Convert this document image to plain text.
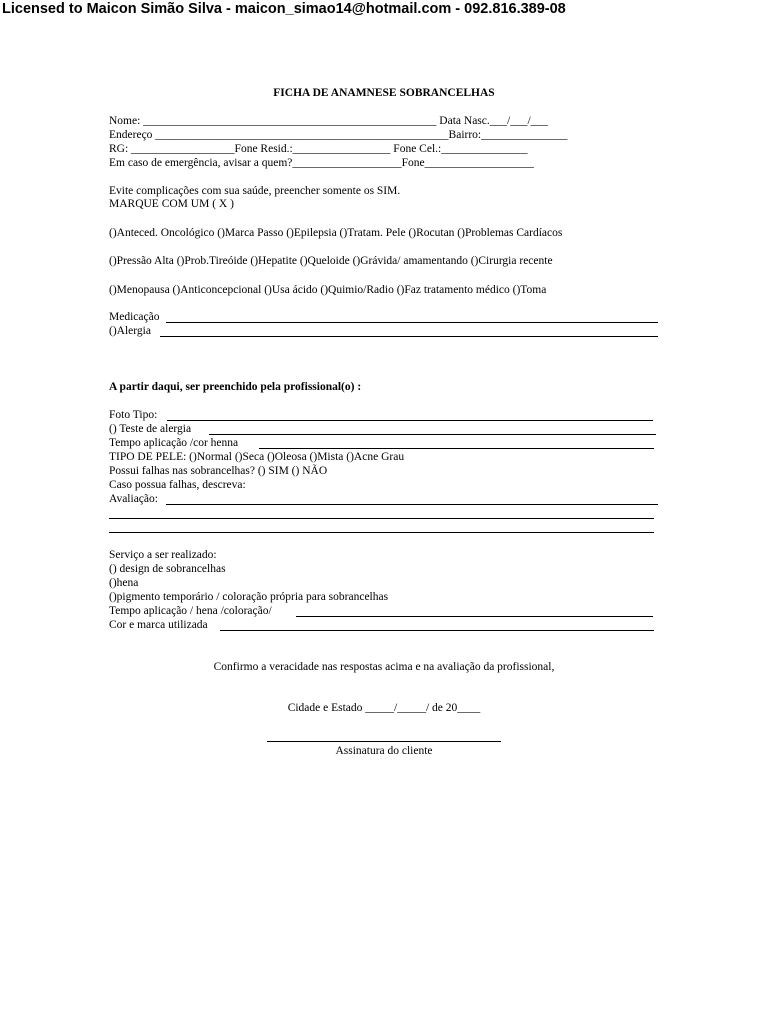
Licensed to Maicon Simão Silva - maicon_simao14@hotmail.com - 092.816.389-08
FICHA DE ANAMNESE SOBRANCELHAS
Nome: ___________________________________________________ Data Nasc.___/___/___
Endereço ___________________________________________________Bairro:_______________
RG: __________________Fone Resid.:_________________ Fone Cel.:_______________
Em caso de emergência, avisar a quem?___________________Fone___________________
Evite complicações com sua saúde, preencher somente os SIM.
MARQUE COM UM ( X )
()Anteced. Oncológico ()Marca Passo ()Epilepsia ()Tratam. Pele ()Rocutan ()Problemas Cardíacos
()Pressão Alta ()Prob.Tireóide ()Hepatite ()Queloide ()Grávida/ amamentando ()Cirurgia recente
()Menopausa ()Anticoncepcional ()Usa ácido ()Quimio/Radio ()Faz tratamento médico ()Toma
Medicação
()Alergia
A partir daqui, ser preenchido pela profissional(o) :
Foto Tipo:
() Teste de alergia
Tempo aplicação /cor henna
TIPO DE PELE: ()Normal ()Seca ()Oleosa ()Mista ()Acne Grau
Possui falhas nas sobrancelhas? () SIM () NÃO
Caso possua falhas, descreva:
Avaliação:
Serviço a ser realizado:
() design de sobrancelhas
()hena
()pigmento temporário / coloração própria para sobrancelhas
Tempo aplicação / hena /coloração/
Cor e marca utilizada
Confirmo a veracidade nas respostas acima e na avaliação da profissional,
Cidade e Estado _____/_____/ de 20____
Assinatura do cliente
